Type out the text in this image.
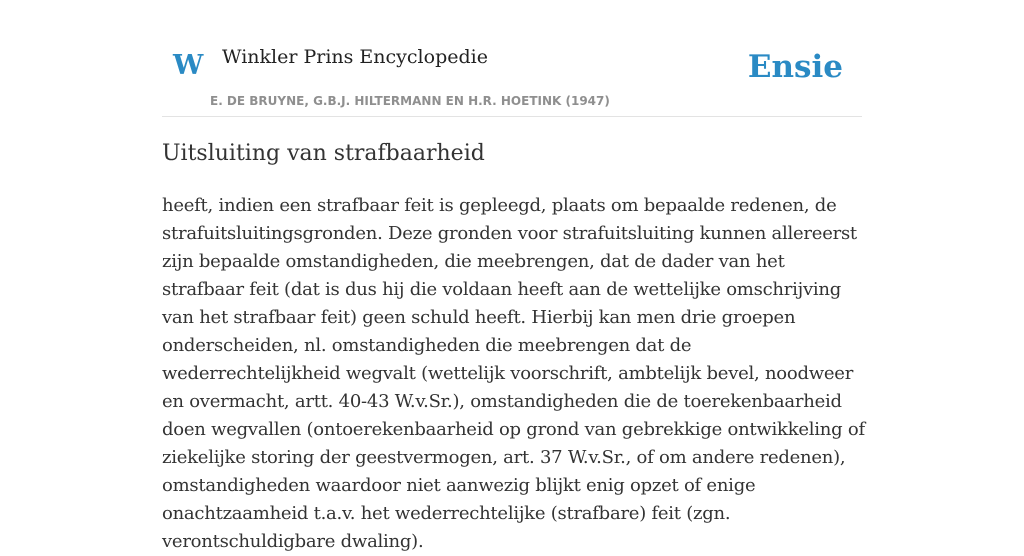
W Winkler Prins Encyclopedie
E. DE BRUYNE, G.B.J. HILTERMANN EN H.R. HOETINK (1947)
Ensie
Uitsluiting van strafbaarheid

heeft, indien een strafbaar feit is gepleegd, plaats om bepaalde redenen, de strafuitsluitingsgronden. Deze gronden voor strafuitsluiting kunnen allereerst zijn bepaalde omstandigheden, die meebrengen, dat de dader van het strafbaar feit (dat is dus hij die voldaan heeft aan de wettelijke omschrijving van het strafbaar feit) geen schuld heeft. Hierbij kan men drie groepen onderscheiden, nl. omstandigheden die meebrengen dat de wederrechtelijkheid wegvalt (wettelijk voorschrift, ambtelijk bevel, noodweer en overmacht, artt. 40-43 W.v.Sr.), omstandigheden die de toerekenbaarheid doen wegvallen (ontoerekenbaarheid op grond van gebrekkige ontwikkeling of ziekelijke storing der geestvermogen, art. 37 W.v.Sr., of om andere redenen), omstandigheden waardoor niet aanwezig blijkt enig opzet of enige onachtzaamheid t.a.v. het wederrechtelijke (strafbare) feit (zgn. verontschuldigbare dwaling).
